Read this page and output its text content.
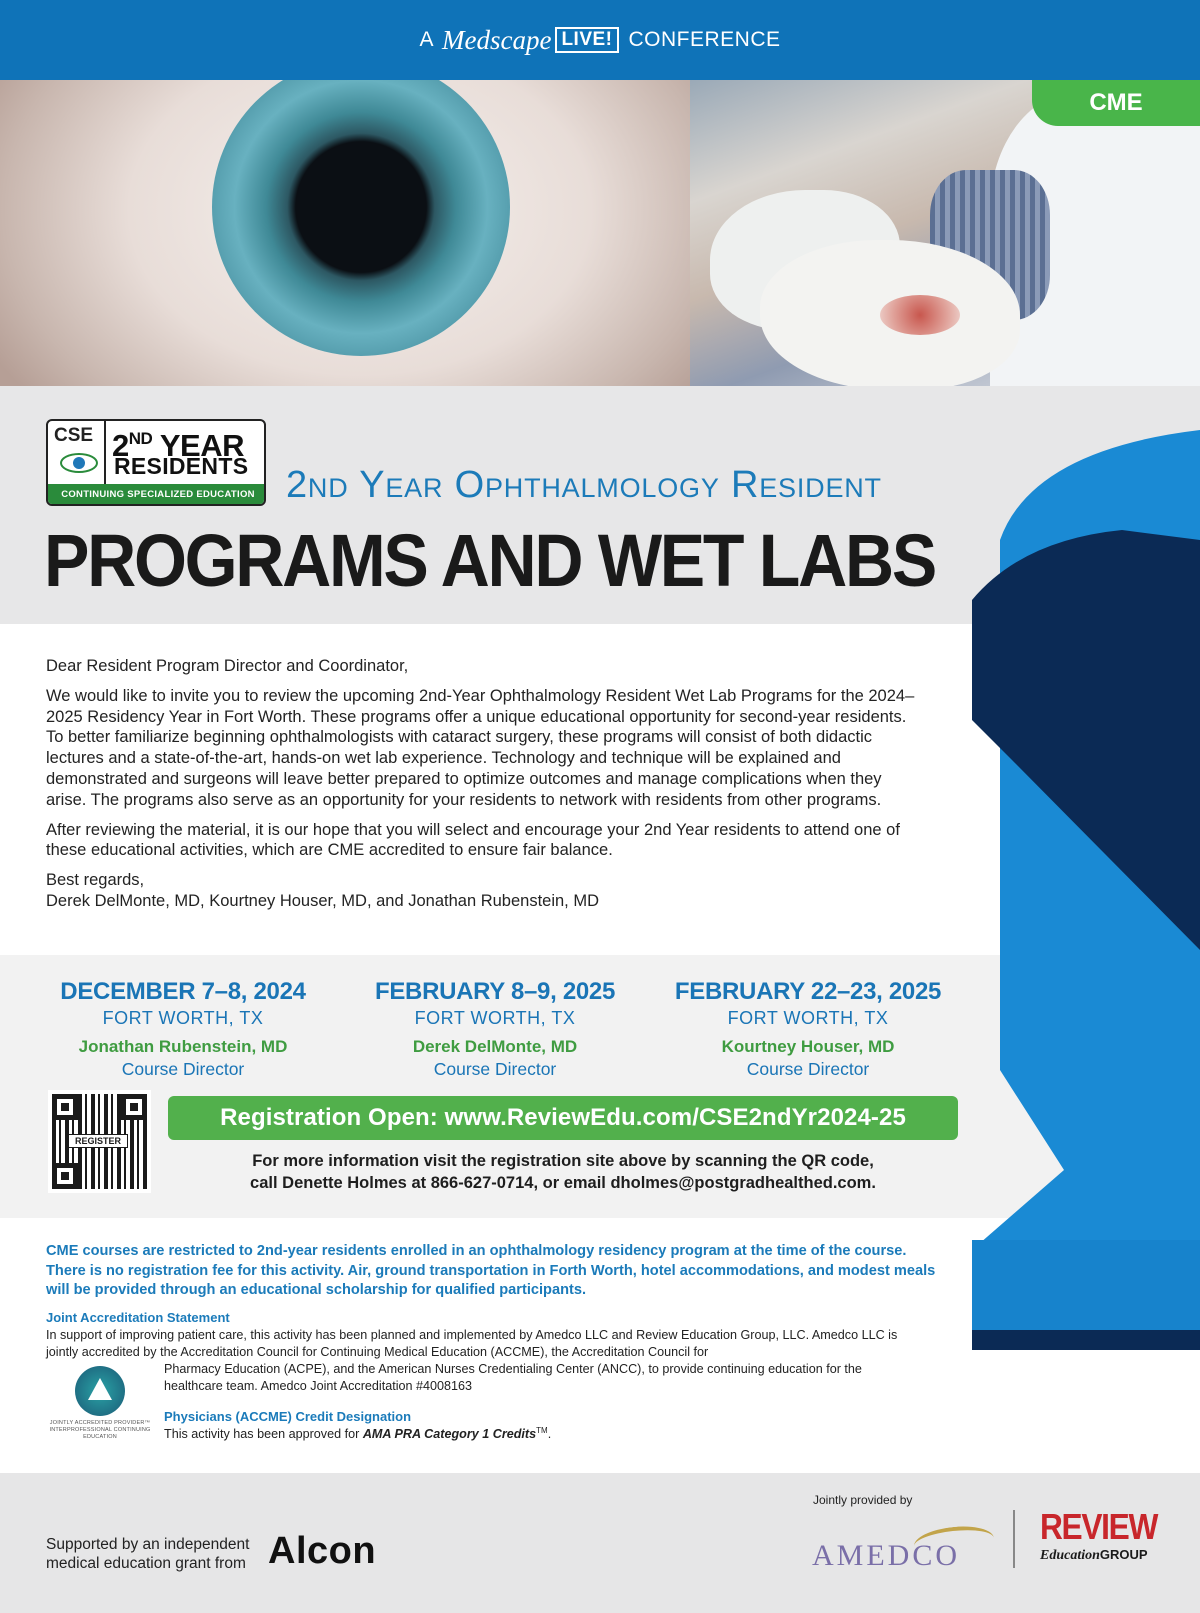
A Medscape LIVE! CONFERENCE
CME
CSE 2ND YEAR
RESIDENTS
CONTINUING SPECIALIZED EDUCATION 2nd Year Ophthalmology Resident
PROGRAMS AND WET LABS

Dear Resident Program Director and Coordinator,

We would like to invite you to review the upcoming 2nd-Year Ophthalmology Resident Wet Lab Programs for the 2024–2025 Residency Year in Fort Worth. These programs offer a unique educational opportunity for second-year residents. To better familiarize beginning ophthalmologists with cataract surgery, these programs will consist of both didactic lectures and a state-of-the-art, hands-on wet lab experience. Technology and technique will be explained and demonstrated and surgeons will leave better prepared to optimize outcomes and manage complications when they arise. The programs also serve as an opportunity for your residents to network with residents from other programs.

After reviewing the material, it is our hope that you will select and encourage your 2nd Year residents to attend one of these educational activities, which are CME accredited to ensure fair balance.

Best regards,
Derek DelMonte, MD, Kourtney Houser, MD, and Jonathan Rubenstein, MD
DECEMBER 7–8, 2024
FORT WORTH, TX
Jonathan Rubenstein, MD
Course Director
FEBRUARY 8–9, 2025
FORT WORTH, TX
Derek DelMonte, MD
Course Director
FEBRUARY 22–23, 2025
FORT WORTH, TX
Kourtney Houser, MD
Course Director
REGISTER
Registration Open: www.ReviewEdu.com/CSE2ndYr2024-25
For more information visit the registration site above by scanning the QR code,
call Denette Holmes at 866-627-0714, or email dholmes@postgradhealthed.com.
CME courses are restricted to 2nd-year residents enrolled in an ophthalmology residency program at the time of the course. There is no registration fee for this activity. Air, ground transportation in Forth Worth, hotel accommodations, and modest meals will be provided through an educational scholarship for qualified participants.
Joint Accreditation Statement
In support of improving patient care, this activity has been planned and implemented by Amedco LLC and Review Education Group, LLC. Amedco LLC is jointly accredited by the Accreditation Council for Continuing Medical Education (ACCME), the Accreditation Council for
Pharmacy Education (ACPE), and the American Nurses Credentialing Center (ANCC), to provide continuing education for the healthcare team. Amedco Joint Accreditation #4008163
JOINTLY ACCREDITED PROVIDER™ INTERPROFESSIONAL CONTINUING EDUCATION
Physicians (ACCME) Credit Designation
This activity has been approved for AMA PRA Category 1 Credits™.
Supported by an independent
medical education grant from Alcon
Jointly provided by
AMEDCO
REVIEW
EducationGROUP
